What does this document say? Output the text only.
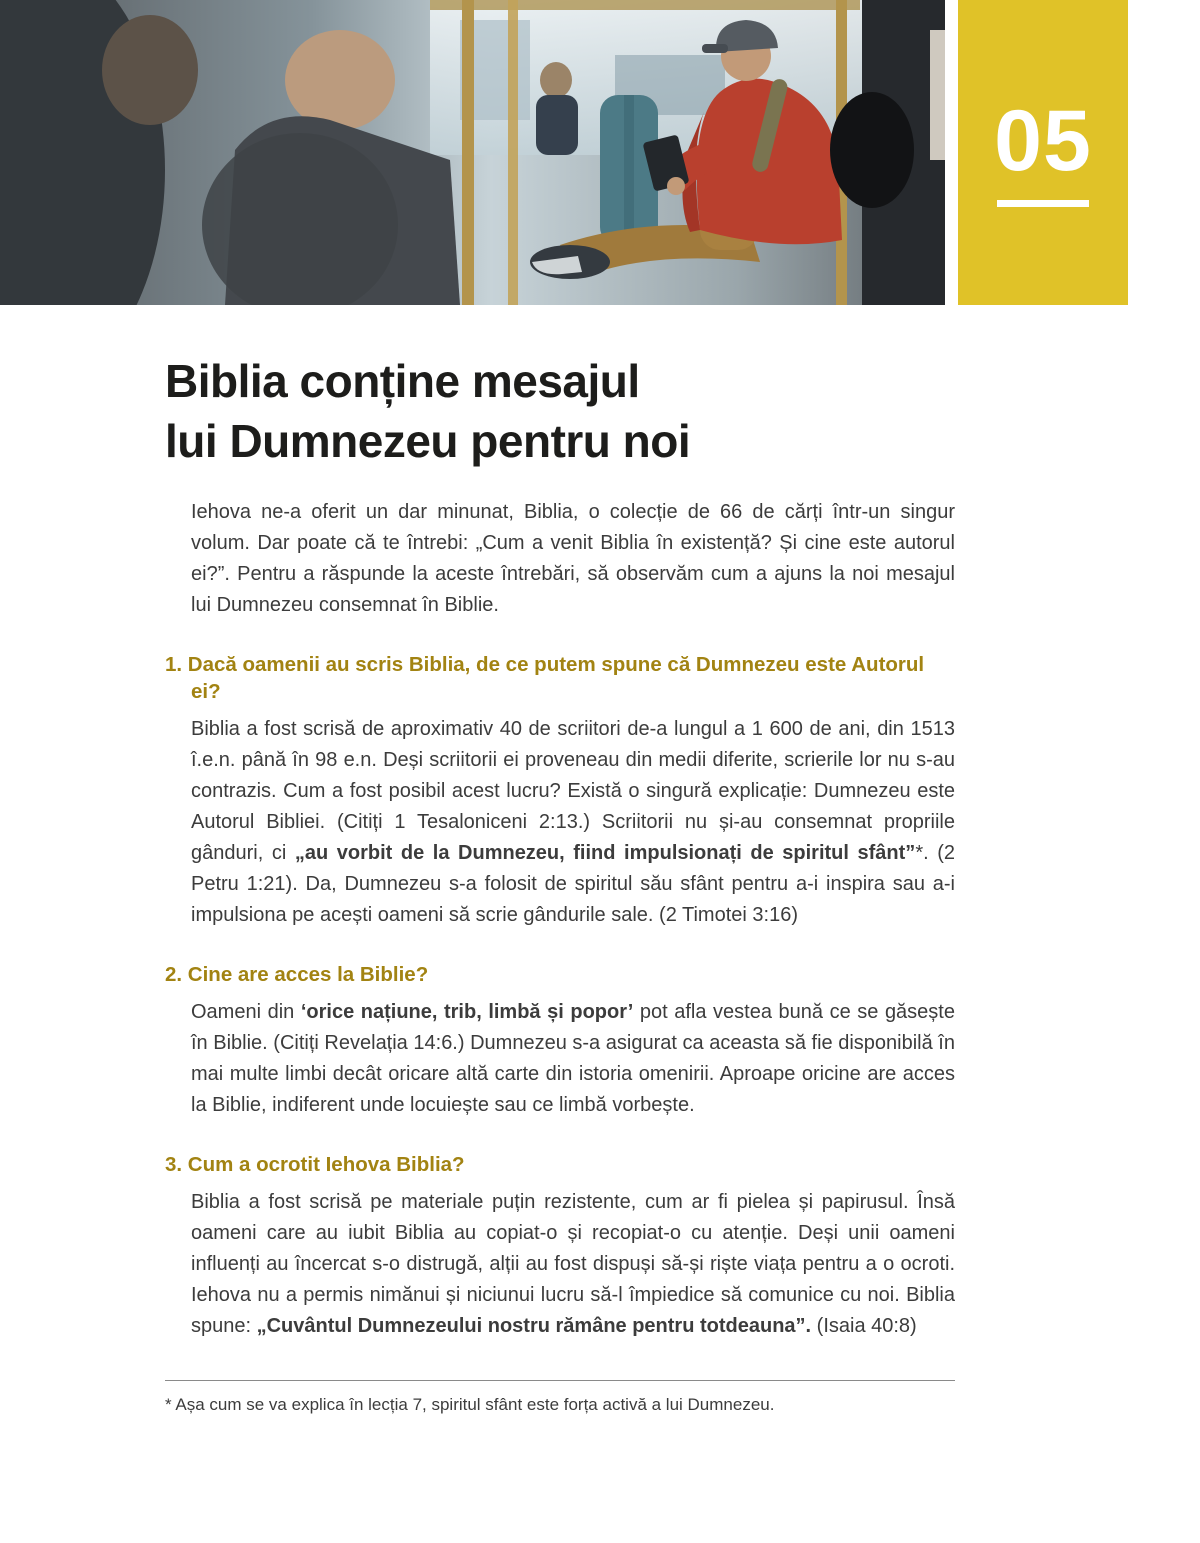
05
Biblia conține mesajul
lui Dumnezeu pentru noi

Iehova ne-a oferit un dar minunat, Biblia, o colecție de 66 de cărți într-un singur volum. Dar poate că te întrebi: „Cum a venit Biblia în existență? Și cine este autorul ei?”. Pentru a răspunde la aceste întrebări, să observăm cum a ajuns la noi mesajul lui Dumnezeu consemnat în Biblie.

1. Dacă oamenii au scris Biblia, de ce putem spune că Dumnezeu este Autorul ei?

Biblia a fost scrisă de aproximativ 40 de scriitori de-a lungul a 1 600 de ani, din 1513 î.e.n. până în 98 e.n. Deși scriitorii ei proveneau din medii diferite, scrierile lor nu s-au contrazis. Cum a fost posibil acest lucru? Există o singură explicație: Dumnezeu este Autorul Bibliei. (Citiți 1 Tesaloniceni 2:13.) Scriitorii nu și-au consemnat propriile gânduri, ci „au vorbit de la Dumnezeu, fiind impulsionați de spiritul sfânt”*. (2 Petru 1:21). Da, Dumnezeu s-a folosit de spiritul său sfânt pentru a-i inspira sau a-i impulsiona pe acești oameni să scrie gândurile sale. (2 Timotei 3:16)

2. Cine are acces la Biblie?

Oameni din ‘orice națiune, trib, limbă și popor’ pot afla vestea bună ce se găsește în Biblie. (Citiți Revelația 14:6.) Dumnezeu s-a asigurat ca aceasta să fie disponibilă în mai multe limbi decât oricare altă carte din istoria omenirii. Aproape oricine are acces la Biblie, indiferent unde locuiește sau ce limbă vorbește.

3. Cum a ocrotit Iehova Biblia?

Biblia a fost scrisă pe materiale puțin rezistente, cum ar fi pielea și papirusul. Însă oameni care au iubit Biblia au copiat-o și recopiat-o cu atenție. Deși unii oameni influenți au încercat s-o distrugă, alții au fost dispuși să-și riște viața pentru a o ocroti. Iehova nu a permis nimănui și niciunui lucru să-l împiedice să comunice cu noi. Biblia spune: „Cuvântul Dumnezeului nostru rămâne pentru totdeauna”. (Isaia 40:8)

* Așa cum se va explica în lecția 7, spiritul sfânt este forța activă a lui Dumnezeu.
